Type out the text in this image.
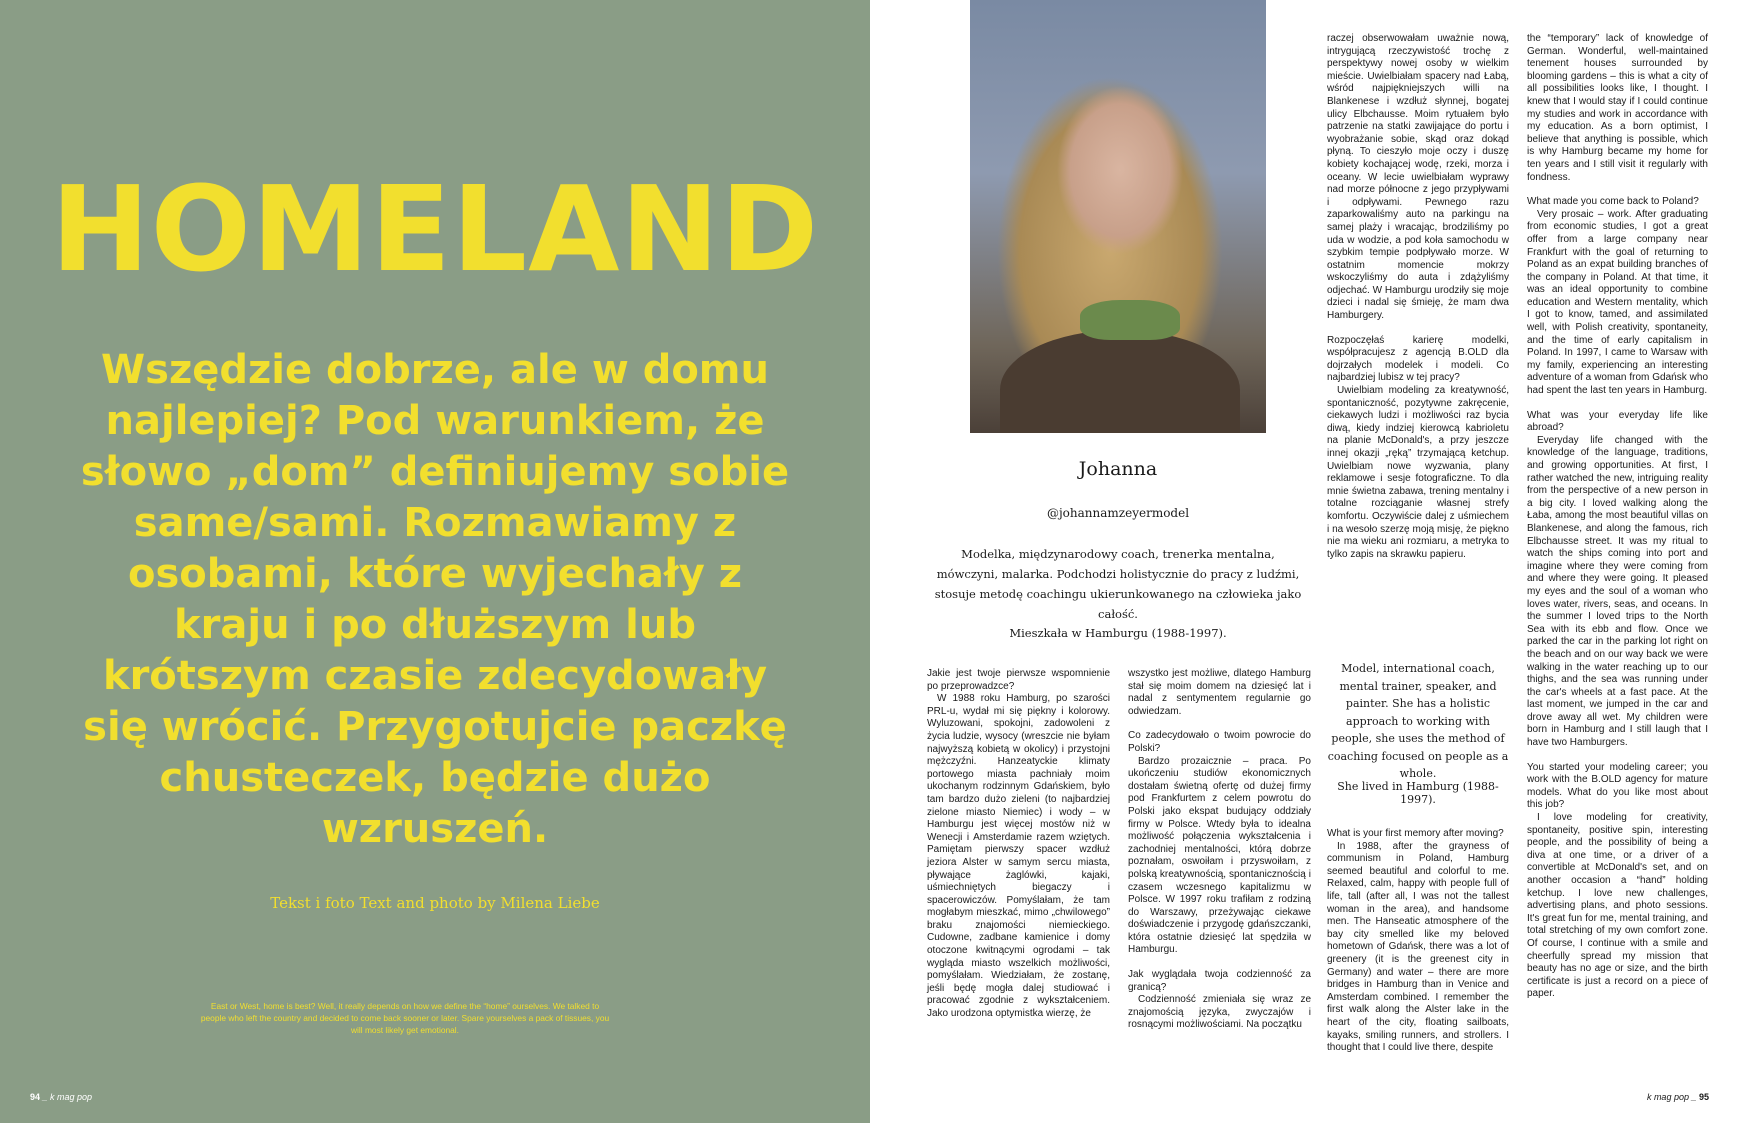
HOMELAND
Wszędzie dobrze, ale w domu najlepiej? Pod warunkiem, że słowo „dom” definiujemy sobie same/sami. Rozmawiamy z osobami, które wyjechały z kraju i po dłuższym lub krótszym czasie zdecydowały się wrócić. Przygotujcie paczkę chusteczek, będzie dużo wzruszeń.
Tekst i foto Text and photo by Milena Liebe
East or West, home is best? Well, it really depends on how we define the “home” ourselves. We talked to people who left the country and decided to come back sooner or later. Spare yourselves a pack of tissues, you will most likely get emotional.
94 _ k mag pop
Johanna
@johannamzeyermodel
Modelka, międzynarodowy coach, trenerka mentalna, mówczyni, malarka. Podchodzi holistycznie do pracy z ludźmi, stosuje metodę coachingu ukierunkowanego na człowieka jako całość.
Mieszkała w Hamburgu (1988-1997).

Jakie jest twoje pierwsze wspomnienie po przeprowadzce?

W 1988 roku Hamburg, po szarości PRL-u, wydał mi się piękny i kolorowy. Wyluzowani, spokojni, zadowoleni z życia ludzie, wysocy (wreszcie nie byłam najwyższą kobietą w okolicy) i przystojni mężczyźni. Hanzeatyckie klimaty portowego miasta pachniały moim ukochanym rodzinnym Gdańskiem, było tam bardzo dużo zieleni (to najbardziej zielone miasto Niemiec) i wody – w Hamburgu jest więcej mostów niż w Wenecji i Amsterdamie razem wziętych. Pamiętam pierwszy spacer wzdłuż jeziora Alster w samym sercu miasta, pływające żaglówki, kajaki, uśmiechniętych biegaczy i spacerowiczów. Pomyślałam, że tam mogłabym mieszkać, mimo „chwilowego” braku znajomości niemieckiego. Cudowne, zadbane kamienice i domy otoczone kwitnącymi ogrodami – tak wygląda miasto wszelkich możliwości, pomyślałam. Wiedziałam, że zostanę, jeśli będę mogła dalej studiować i pracować zgodnie z wykształceniem. Jako urodzona optymistka wierzę, że

wszystko jest możliwe, dlatego Hamburg stał się moim domem na dziesięć lat i nadal z sentymentem regularnie go odwiedzam.

Co zadecydowało o twoim powrocie do Polski?

Bardzo prozaicznie – praca. Po ukończeniu studiów ekonomicznych dostałam świetną ofertę od dużej firmy pod Frankfurtem z celem powrotu do Polski jako ekspat budujący oddziały firmy w Polsce. Wtedy była to idealna możliwość połączenia wykształcenia i zachodniej mentalności, którą dobrze poznałam, oswoiłam i przyswoiłam, z polską kreatywnością, spontanicznością i czasem wczesnego kapitalizmu w Polsce. W 1997 roku trafiłam z rodziną do Warszawy, przeżywając ciekawe doświadczenie i przygodę gdańszczanki, która ostatnie dziesięć lat spędziła w Hamburgu.

Jak wyglądała twoja codzienność za granicą?

Codzienność zmieniała się wraz ze znajomością języka, zwyczajów i rosnącymi możliwościami. Na początku

raczej obserwowałam uważnie nową, intrygującą rzeczywistość trochę z perspektywy nowej osoby w wielkim mieście. Uwielbiałam spacery nad Łabą, wśród najpiękniejszych willi na Blankenese i wzdłuż słynnej, bogatej ulicy Elbchausse. Moim rytuałem było patrzenie na statki zawijające do portu i wyobrażanie sobie, skąd oraz dokąd płyną. To cieszyło moje oczy i duszę kobiety kochającej wodę, rzeki, morza i oceany. W lecie uwielbiałam wyprawy nad morze północne z jego przypływami i odpływami. Pewnego razu zaparkowaliśmy auto na parkingu na samej plaży i wracając, brodziliśmy po uda w wodzie, a pod koła samochodu w szybkim tempie podpływało morze. W ostatnim momencie mokrzy wskoczyliśmy do auta i zdążyliśmy odjechać. W Hamburgu urodziły się moje dzieci i nadal się śmieję, że mam dwa Hamburgery.

Rozpoczęłaś karierę modelki, współpracujesz z agencją B.OLD dla dojrzałych modelek i modeli. Co najbardziej lubisz w tej pracy?

Uwielbiam modeling za kreatywność, spontaniczność, pozytywne zakręcenie, ciekawych ludzi i możliwości raz bycia diwą, kiedy indziej kierowcą kabrioletu na planie McDonald's, a przy jeszcze innej okazji „ręką” trzymającą ketchup. Uwielbiam nowe wyzwania, plany reklamowe i sesje fotograficzne. To dla mnie świetna zabawa, trening mentalny i totalne rozciąganie własnej strefy komfortu. Oczywiście dalej z uśmiechem i na wesoło szerzę moją misję, że piękno nie ma wieku ani rozmiaru, a metryka to tylko zapis na skrawku papieru.

Model, international coach, mental trainer, speaker, and painter. She has a holistic approach to working with people, she uses the method of coaching focused on people as a whole.
She lived in Hamburg (1988-1997).

What is your first memory after moving?

In 1988, after the grayness of communism in Poland, Hamburg seemed beautiful and colorful to me. Relaxed, calm, happy with people full of life, tall (after all, I was not the tallest woman in the area), and handsome men. The Hanseatic atmosphere of the bay city smelled like my beloved hometown of Gdańsk, there was a lot of greenery (it is the greenest city in Germany) and water – there are more bridges in Hamburg than in Venice and Amsterdam combined. I remember the first walk along the Alster lake in the heart of the city, floating sailboats, kayaks, smiling runners, and strollers. I thought that I could live there, despite

the “temporary” lack of knowledge of German. Wonderful, well-maintained tenement houses surrounded by blooming gardens – this is what a city of all possibilities looks like, I thought. I knew that I would stay if I could continue my studies and work in accordance with my education. As a born optimist, I believe that anything is possible, which is why Hamburg became my home for ten years and I still visit it regularly with fondness.

What made you come back to Poland?

Very prosaic – work. After graduating from economic studies, I got a great offer from a large company near Frankfurt with the goal of returning to Poland as an expat building branches of the company in Poland. At that time, it was an ideal opportunity to combine education and Western mentality, which I got to know, tamed, and assimilated well, with Polish creativity, spontaneity, and the time of early capitalism in Poland. In 1997, I came to Warsaw with my family, experiencing an interesting adventure of a woman from Gdańsk who had spent the last ten years in Hamburg.

What was your everyday life like abroad?

Everyday life changed with the knowledge of the language, traditions, and growing opportunities. At first, I rather watched the new, intriguing reality from the perspective of a new person in a big city. I loved walking along the Łaba, among the most beautiful villas on Blankenese, and along the famous, rich Elbchausse street. It was my ritual to watch the ships coming into port and imagine where they were coming from and where they were going. It pleased my eyes and the soul of a woman who loves water, rivers, seas, and oceans. In the summer I loved trips to the North Sea with its ebb and flow. Once we parked the car in the parking lot right on the beach and on our way back we were walking in the water reaching up to our thighs, and the sea was running under the car's wheels at a fast pace. At the last moment, we jumped in the car and drove away all wet. My children were born in Hamburg and I still laugh that I have two Hamburgers.

You started your modeling career; you work with the B.OLD agency for mature models. What do you like most about this job?

I love modeling for creativity, spontaneity, positive spin, interesting people, and the possibility of being a diva at one time, or a driver of a convertible at McDonald's set, and on another occasion a “hand” holding ketchup. I love new challenges, advertising plans, and photo sessions. It's great fun for me, mental training, and total stretching of my own comfort zone. Of course, I continue with a smile and cheerfully spread my mission that beauty has no age or size, and the birth certificate is just a record on a piece of paper.

k mag pop _ 95
